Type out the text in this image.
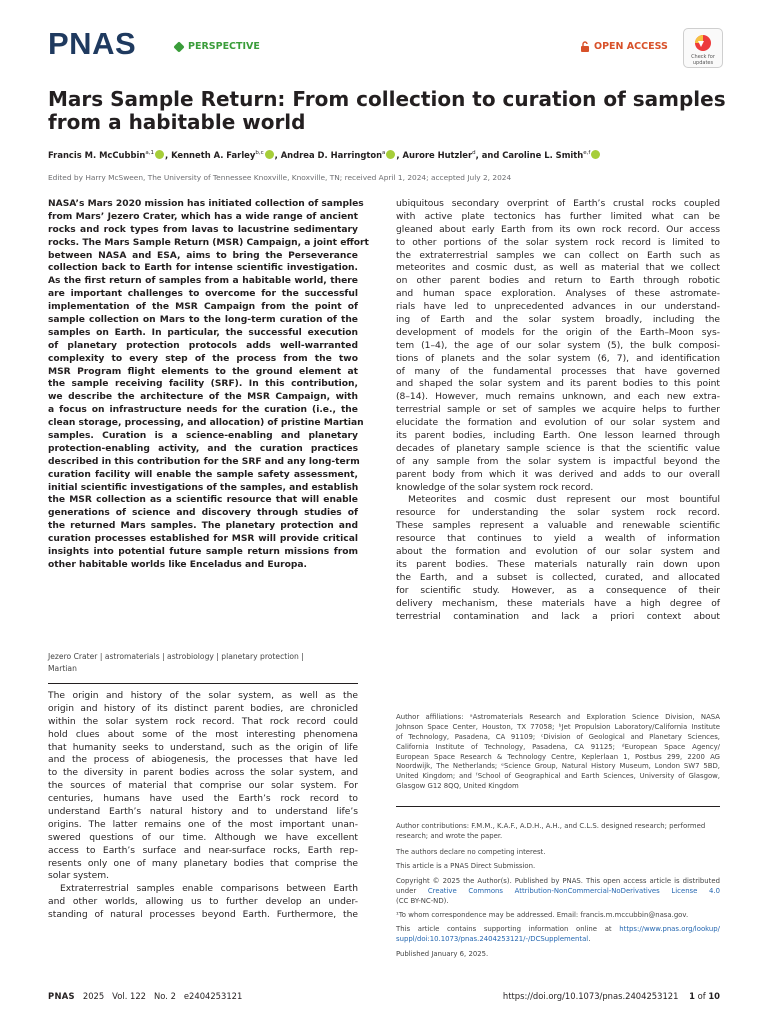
PNAS	PERSPECTIVE	OPEN ACCESS
Check for updates
Mars Sample Return: From collection to curation of samples from a habitable world
Francis M. McCubbin$^{a,1}$ , Kenneth A. Farley$^{b,c}$ , Andrea D. Harrington$^a$ , Aurore Hutzler$^d$, and Caroline L. Smith$^{e,f}$
Edited by Harry McSween, The University of Tennessee Knoxville, Knoxville, TN; received April 1, 2024; accepted July 2, 2024
NASA’s Mars 2020 mission has initiated collection of samples
from Mars’ Jezero Crater, which has a wide range of ancient
rocks and rock types from lavas to lacustrine sedimentary
rocks. The Mars Sample Return (MSR) Campaign, a joint effort
between NASA and ESA, aims to bring the Perseverance
collection back to Earth for intense scientific investigation.
As the first return of samples from a habitable world, there
are important challenges to overcome for the successful
implementation of the MSR Campaign from the point of
sample collection on Mars to the long-term curation of the
samples on Earth. In particular, the successful execution
of planetary protection protocols adds well-warranted
complexity to every step of the process from the two
MSR Program flight elements to the ground element at
the sample receiving facility (SRF). In this contribution,
we describe the architecture of the MSR Campaign, with
a focus on infrastructure needs for the curation (i.e., the
clean storage, processing, and allocation) of pristine Martian
samples. Curation is a science-enabling and planetary
protection-enabling activity, and the curation practices
described in this contribution for the SRF and any long-term
curation facility will enable the sample safety assessment,
initial scientific investigations of the samples, and establish
the MSR collection as a scientific resource that will enable
generations of science and discovery through studies of
the returned Mars samples. The planetary protection and
curation processes established for MSR will provide critical
insights into potential future sample return missions from
other habitable worlds like Enceladus and Europa.
Jezero Crater | astromaterials | astrobiology | planetary protection |
Martian
The origin and history of the solar system, as well as the
origin and history of its distinct parent bodies, are chronicled
within the solar system rock record. That rock record could
hold clues about some of the most interesting phenomena
that humanity seeks to understand, such as the origin of life
and the process of abiogenesis, the processes that have led
to the diversity in parent bodies across the solar system, and
the sources of material that comprise our solar system. For
centuries, humans have used the Earth’s rock record to
understand Earth’s natural history and to understand life’s
origins. The latter remains one of the most important unan-
swered questions of our time. Although we have excellent
access to Earth’s surface and near-surface rocks, Earth rep-
resents only one of many planetary bodies that comprise the
solar system.
Extraterrestrial samples enable comparisons between Earth
and other worlds, allowing us to further develop an under-
standing of natural processes beyond Earth. Furthermore, the
ubiquitous secondary overprint of Earth’s crustal rocks coupled
with active plate tectonics has further limited what can be
gleaned about early Earth from its own rock record. Our access
to other portions of the solar system rock record is limited to
the extraterrestrial samples we can collect on Earth such as
meteorites and cosmic dust, as well as material that we collect
on other parent bodies and return to Earth through robotic
and human space exploration. Analyses of these astromate-
rials have led to unprecedented advances in our understand-
ing of Earth and the solar system broadly, including the
development of models for the origin of the Earth–Moon sys-
tem (1–4), the age of our solar system (5), the bulk composi-
tions of planets and the solar system (6, 7), and identification
of many of the fundamental processes that have governed
and shaped the solar system and its parent bodies to this point
(8–14). However, much remains unknown, and each new extra-
terrestrial sample or set of samples we acquire helps to further
elucidate the formation and evolution of our solar system and
its parent bodies, including Earth. One lesson learned through
decades of planetary sample science is that the scientific value
of any sample from the solar system is impactful beyond the
parent body from which it was derived and adds to our overall
knowledge of the solar system rock record.
Meteorites and cosmic dust represent our most bountiful
resource for understanding the solar system rock record.
These samples represent a valuable and renewable scientific
resource that continues to yield a wealth of information
about the formation and evolution of our solar system and
its parent bodies. These materials naturally rain down upon
the Earth, and a subset is collected, curated, and allocated
for scientific study. However, as a consequence of their
delivery mechanism, these materials have a high degree of
terrestrial contamination and lack a priori context about
Author affiliations: ᵃAstromaterials Research and Exploration Science Division, NASA
Johnson Space Center, Houston, TX 77058; ᵇJet Propulsion Laboratory/California Institute
of Technology, Pasadena, CA 91109; ᶜDivision of Geological and Planetary Sciences,
California Institute of Technology, Pasadena, CA 91125; ᵈEuropean Space Agency/
European Space Research & Technology Centre, Keplerlaan 1, Postbus 299, 2200 AG
Noordwijk, The Netherlands; ᵉScience Group, Natural History Museum, London SW7 5BD,
United Kingdom; and ᶠSchool of Geographical and Earth Sciences, University of Glasgow,
Glasgow G12 8QQ, United Kingdom
Author contributions: F.M.M., K.A.F., A.D.H., A.H., and C.L.S. designed research; performed
research; and wrote the paper.
The authors declare no competing interest.
This article is a PNAS Direct Submission.
Copyright © 2025 the Author(s). Published by PNAS. This open access article is distributed
under Creative Commons Attribution-NonCommercial-NoDerivatives License 4.0
(CC BY-NC-ND).
¹To whom correspondence may be addressed. Email: francis.m.mccubbin@nasa.gov.
This article contains supporting information online at https://www.pnas.org/lookup/
suppl/doi:10.1073/pnas.2404253121/-/DCSupplemental.
Published January 6, 2025.
PNAS 2025   Vol. 122   No. 2   e2404253121	https://doi.org/10.1073/pnas.2404253121 1 of 10
